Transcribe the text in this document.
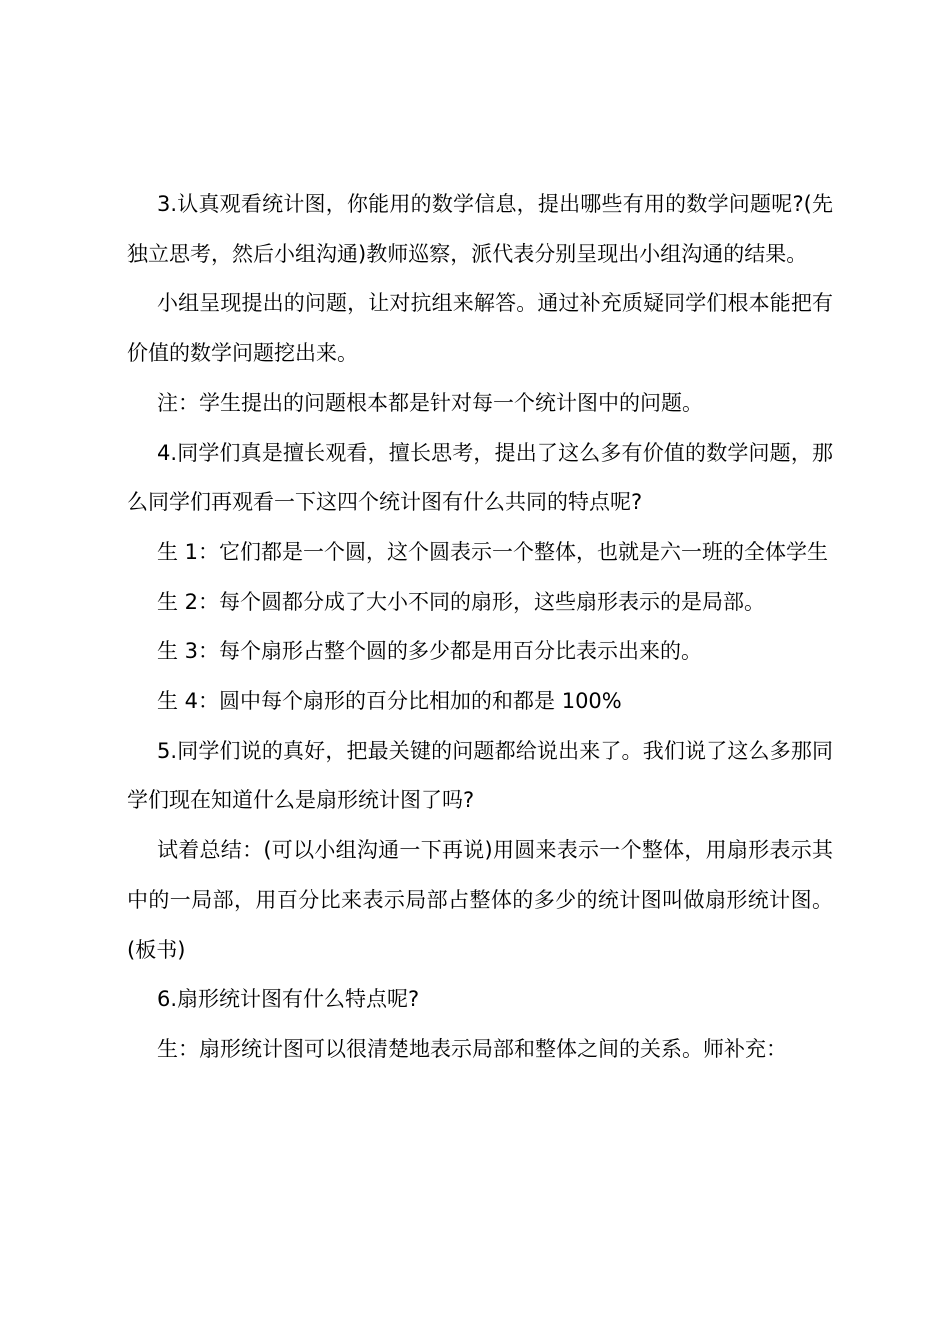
3.认真观看统计图，你能用的数学信息，提出哪些有用的数学问题呢?(先独立思考，然后小组沟通)教师巡察，派代表分别呈现出小组沟通的结果。

小组呈现提出的问题，让对抗组来解答。通过补充质疑同学们根本能把有价值的数学问题挖出来。

注：学生提出的问题根本都是针对每一个统计图中的问题。

4.同学们真是擅长观看，擅长思考，提出了这么多有价值的数学问题，那么同学们再观看一下这四个统计图有什么共同的特点呢?

生 1：它们都是一个圆，这个圆表示一个整体，也就是六一班的全体学生

生 2：每个圆都分成了大小不同的扇形，这些扇形表示的是局部。

生 3：每个扇形占整个圆的多少都是用百分比表示出来的。

生 4：圆中每个扇形的百分比相加的和都是 100%

5.同学们说的真好，把最关键的问题都给说出来了。我们说了这么多那同学们现在知道什么是扇形统计图了吗?

试着总结：(可以小组沟通一下再说)用圆来表示一个整体，用扇形表示其中的一局部，用百分比来表示局部占整体的多少的统计图叫做扇形统计图。(板书)

6.扇形统计图有什么特点呢?

生：扇形统计图可以很清楚地表示局部和整体之间的关系。师补充：
